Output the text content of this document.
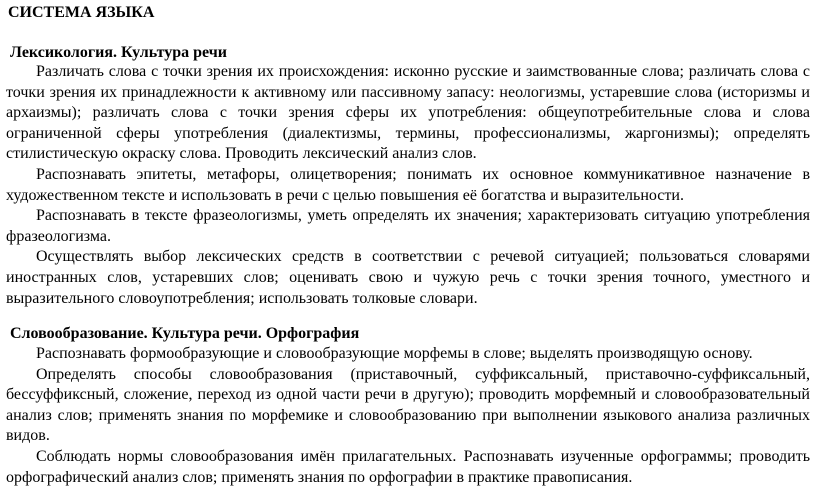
СИСТЕМА ЯЗЫКА
Лексикология. Культура речи

Различать слова с точки зрения их происхождения: исконно русские и заимствованные слова; различать слова с точки зрения их принадлежности к активному или пассивному запасу: неологизмы, устаревшие слова (историзмы и архаизмы); различать слова с точки зрения сферы их употребления: общеупотребительные слова и слова ограниченной сферы употребления (диалектизмы, термины, профессионализмы, жаргонизмы); определять стилистическую окраску слова. Проводить лексический анализ слов.

Распознавать эпитеты, метафоры, олицетворения; понимать их основное коммуникативное назначение в художественном тексте и использовать в речи с целью повышения её богатства и выразительности.

Распознавать в тексте фразеологизмы, уметь определять их значения; характеризовать ситуацию употребления фразеологизма.

Осуществлять выбор лексических средств в соответствии с речевой ситуацией; пользоваться словарями иностранных слов, устаревших слов; оценивать свою и чужую речь с точки зрения точного, уместного и выразительного словоупотребления; использовать толковые словари.

Словообразование. Культура речи. Орфография

Распознавать формообразующие и словообразующие морфемы в слове; выделять производящую основу.

Определять способы словообразования (приставочный, суффиксальный, приставочно-суффиксальный, бессуффиксный, сложение, переход из одной части речи в другую); проводить морфемный и словообразовательный анализ слов; применять знания по морфемике и словообразованию при выполнении языкового анализа различных видов.

Соблюдать нормы словообразования имён прилагательных. Распознавать изученные орфограммы; проводить орфографический анализ слов; применять знания по орфографии в практике правописания.
